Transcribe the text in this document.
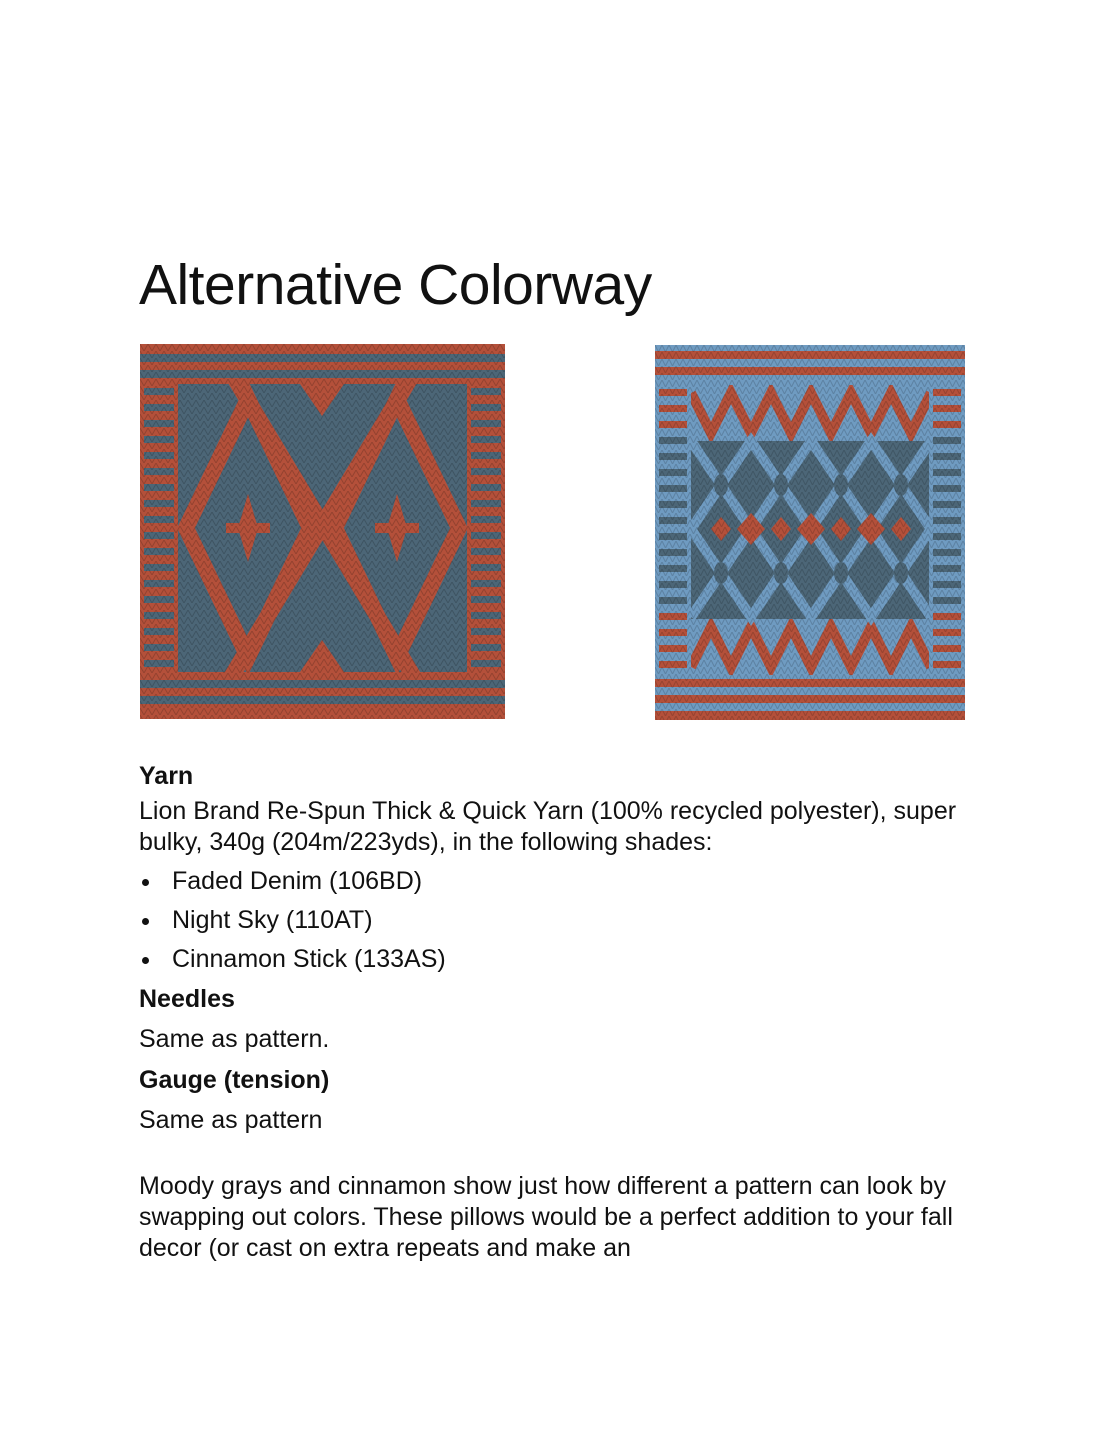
Alternative Colorway

Yarn

Lion Brand Re-Spun Thick & Quick Yarn (100% recycled polyester), super bulky, 340g (204m/223yds), in the following shades:

Faded Denim (106BD)
Night Sky (110AT)
Cinnamon Stick (133AS)

Needles

Same as pattern.

Gauge (tension)

Same as pattern

Moody grays and cinnamon show just how different a pattern can look by swapping out colors. These pillows would be a perfect addition to your fall decor (or cast on extra repeats and make an
